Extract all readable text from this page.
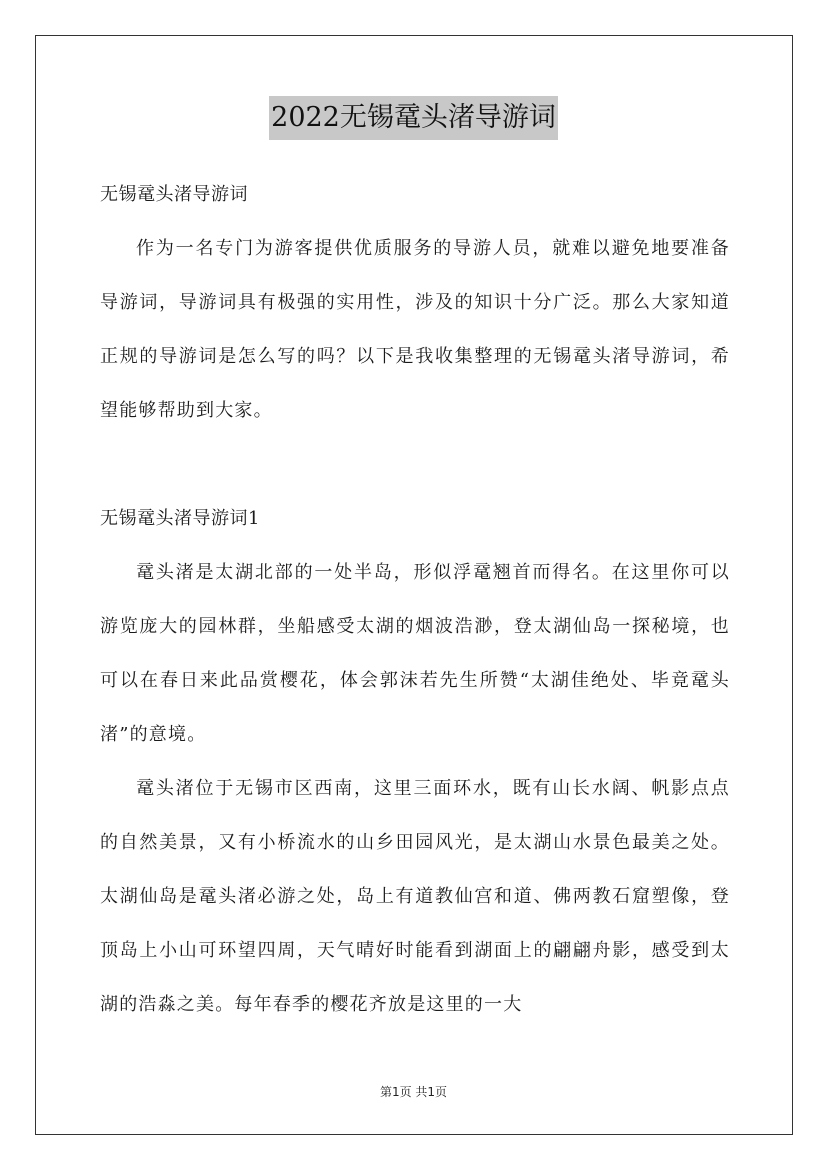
2022无锡鼋头渚导游词

无锡鼋头渚导游词

作为一名专门为游客提供优质服务的导游人员，就难以避免地要准备导游词，导游词具有极强的实用性，涉及的知识十分广泛。那么大家知道正规的导游词是怎么写的吗？以下是我收集整理的无锡鼋头渚导游词，希望能够帮助到大家。

无锡鼋头渚导游词1

鼋头渚是太湖北部的一处半岛，形似浮鼋翘首而得名。在这里你可以游览庞大的园林群，坐船感受太湖的烟波浩渺，登太湖仙岛一探秘境，也可以在春日来此品赏樱花，体会郭沫若先生所赞“太湖佳绝处、毕竟鼋头渚”的意境。

鼋头渚位于无锡市区西南，这里三面环水，既有山长水阔、帆影点点的自然美景，又有小桥流水的山乡田园风光，是太湖山水景色最美之处。太湖仙岛是鼋头渚必游之处，岛上有道教仙宫和道、佛两教石窟塑像，登顶岛上小山可环望四周，天气晴好时能看到湖面上的翩翩舟影，感受到太湖的浩淼之美。每年春季的樱花齐放是这里的一大

第1页 共1页
